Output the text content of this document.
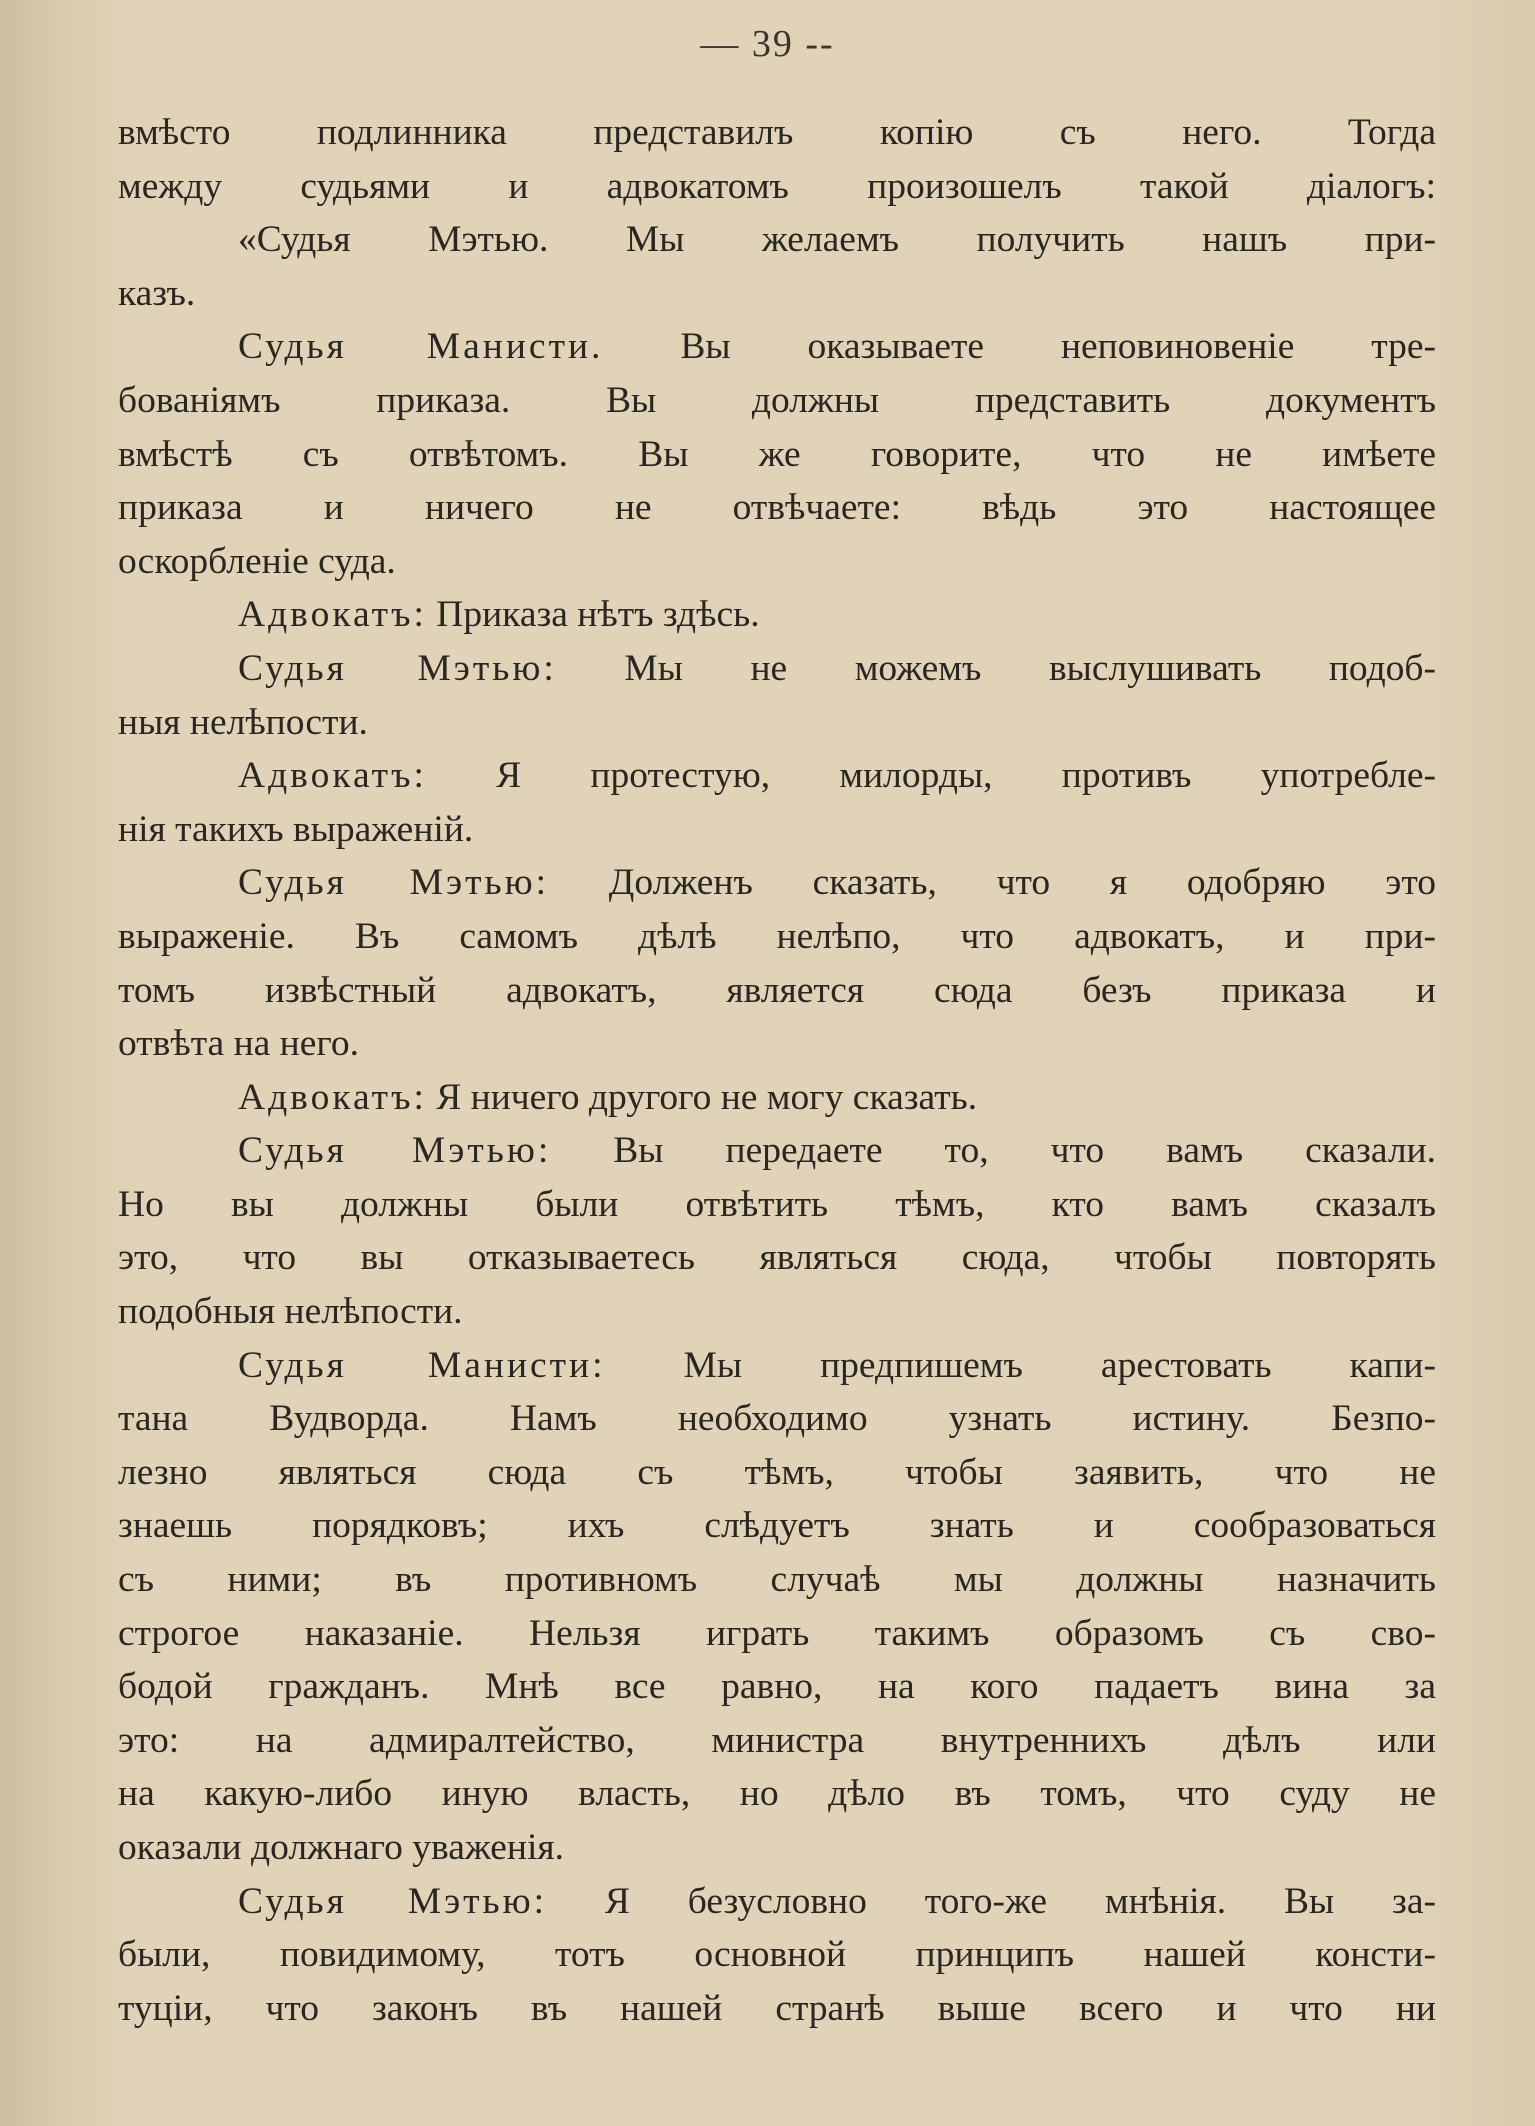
— 39 --
вмѣсто подлинника представилъ копію съ него. Тогда
между судьями и адвокатомъ произошелъ такой діалогъ:
«Судья Мэтью. Мы желаемъ получить нашъ при-
казъ.
Судья Манисти. Вы оказываете неповиновеніе тре-
бованіямъ приказа. Вы должны представить документъ
вмѣстѣ съ отвѣтомъ. Вы же говорите, что не имѣете
приказа и ничего не отвѣчаете: вѣдь это настоящее
оскорбленіе суда.
Адвокатъ: Приказа нѣтъ здѣсь.
Судья Мэтью: Мы не можемъ выслушивать подоб-
ныя нелѣпости.
Адвокатъ: Я протестую, милорды, противъ употребле-
нія такихъ выраженій.
Судья Мэтью: Долженъ сказать, что я одобряю это
выраженіе. Въ самомъ дѣлѣ нелѣпо, что адвокатъ, и при-
томъ извѣстный адвокатъ, является сюда безъ приказа и
отвѣта на него.
Адвокатъ: Я ничего другого не могу сказать.
Судья Мэтью: Вы передаете то, что вамъ сказали.
Но вы должны были отвѣтить тѣмъ, кто вамъ сказалъ
это, что вы отказываетесь являться сюда, чтобы повторять
подобныя нелѣпости.
Судья Манисти: Мы предпишемъ арестовать капи-
тана Вудворда. Намъ необходимо узнать истину. Безпо-
лезно являться сюда съ тѣмъ, чтобы заявить, что не
знаешь порядковъ; ихъ слѣдуетъ знать и сообразоваться
съ ними; въ противномъ случаѣ мы должны назначить
строгое наказаніе. Нельзя играть такимъ образомъ съ сво-
бодой гражданъ. Мнѣ все равно, на кого падаетъ вина за
это: на адмиралтейство, министра внутреннихъ дѣлъ или
на какую-либо иную власть, но дѣло въ томъ, что суду не
оказали должнаго уваженія.
Судья Мэтью: Я безусловно того-же мнѣнія. Вы за-
были, повидимому, тотъ основной принципъ нашей консти-
туціи, что законъ въ нашей странѣ выше всего и что ни
